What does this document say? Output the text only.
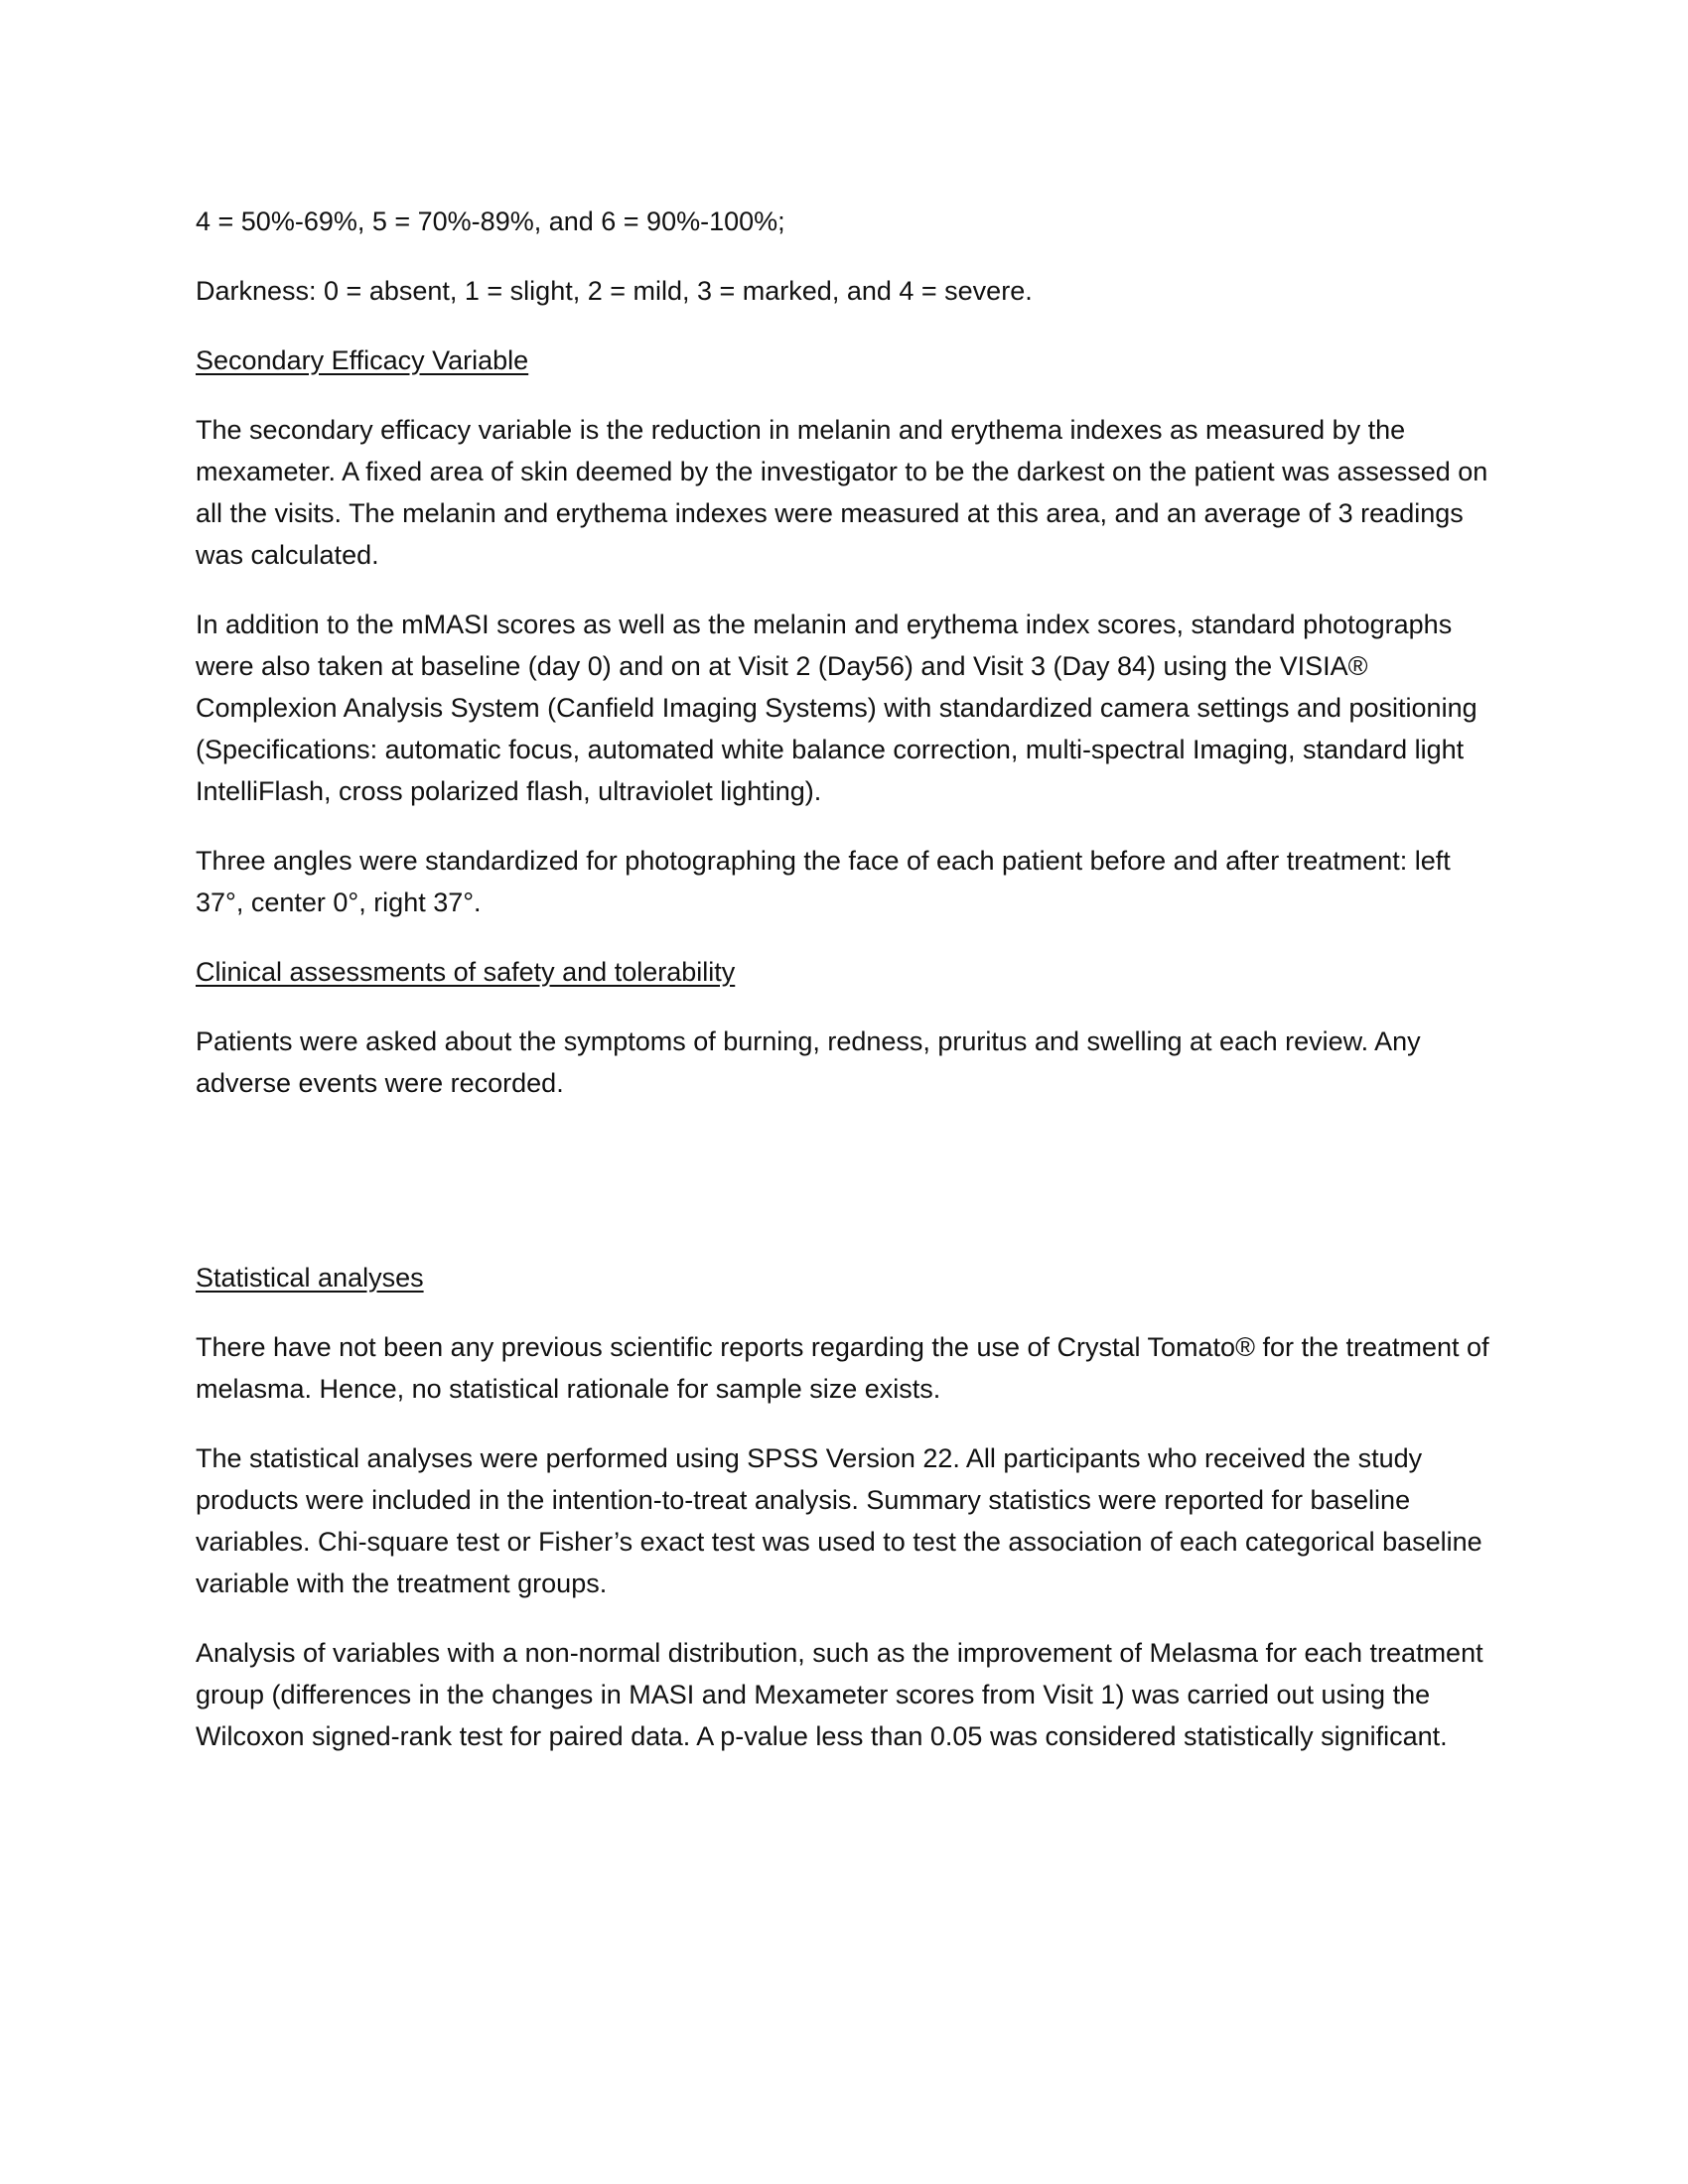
4 = 50%-69%, 5 = 70%-89%, and 6 = 90%-100%;

Darkness: 0 = absent, 1 = slight, 2 = mild, 3 = marked, and 4 = severe.

Secondary Efficacy Variable

The secondary efficacy variable is the reduction in melanin and erythema indexes as measured by the mexameter. A fixed area of skin deemed by the investigator to be the darkest on the patient was assessed on all the visits. The melanin and erythema indexes were measured at this area, and an average of 3 readings was calculated.

In addition to the mMASI scores as well as the melanin and erythema index scores, standard photographs were also taken at baseline (day 0) and on at Visit 2 (Day56) and Visit 3 (Day 84) using the VISIA® Complexion Analysis System (Canfield Imaging Systems) with standardized camera settings and positioning (Specifications: automatic focus, automated white balance correction, multi-spectral Imaging, standard light IntelliFlash, cross polarized flash, ultraviolet lighting).

Three angles were standardized for photographing the face of each patient before and after treatment: left 37°, center 0°, right 37°.

Clinical assessments of safety and tolerability

Patients were asked about the symptoms of burning, redness, pruritus and swelling at each review. Any adverse events were recorded.

Statistical analyses

There have not been any previous scientific reports regarding the use of Crystal Tomato® for the treatment of melasma. Hence, no statistical rationale for sample size exists.

The statistical analyses were performed using SPSS Version 22. All participants who received the study products were included in the intention-to-treat analysis. Summary statistics were reported for baseline variables. Chi-square test or Fisher’s exact test was used to test the association of each categorical baseline variable with the treatment groups.

Analysis of variables with a non-normal distribution, such as the improvement of Melasma for each treatment group (differences in the changes in MASI and Mexameter scores from Visit 1) was carried out using the Wilcoxon signed-rank test for paired data. A p-value less than 0.05 was considered statistically significant.
